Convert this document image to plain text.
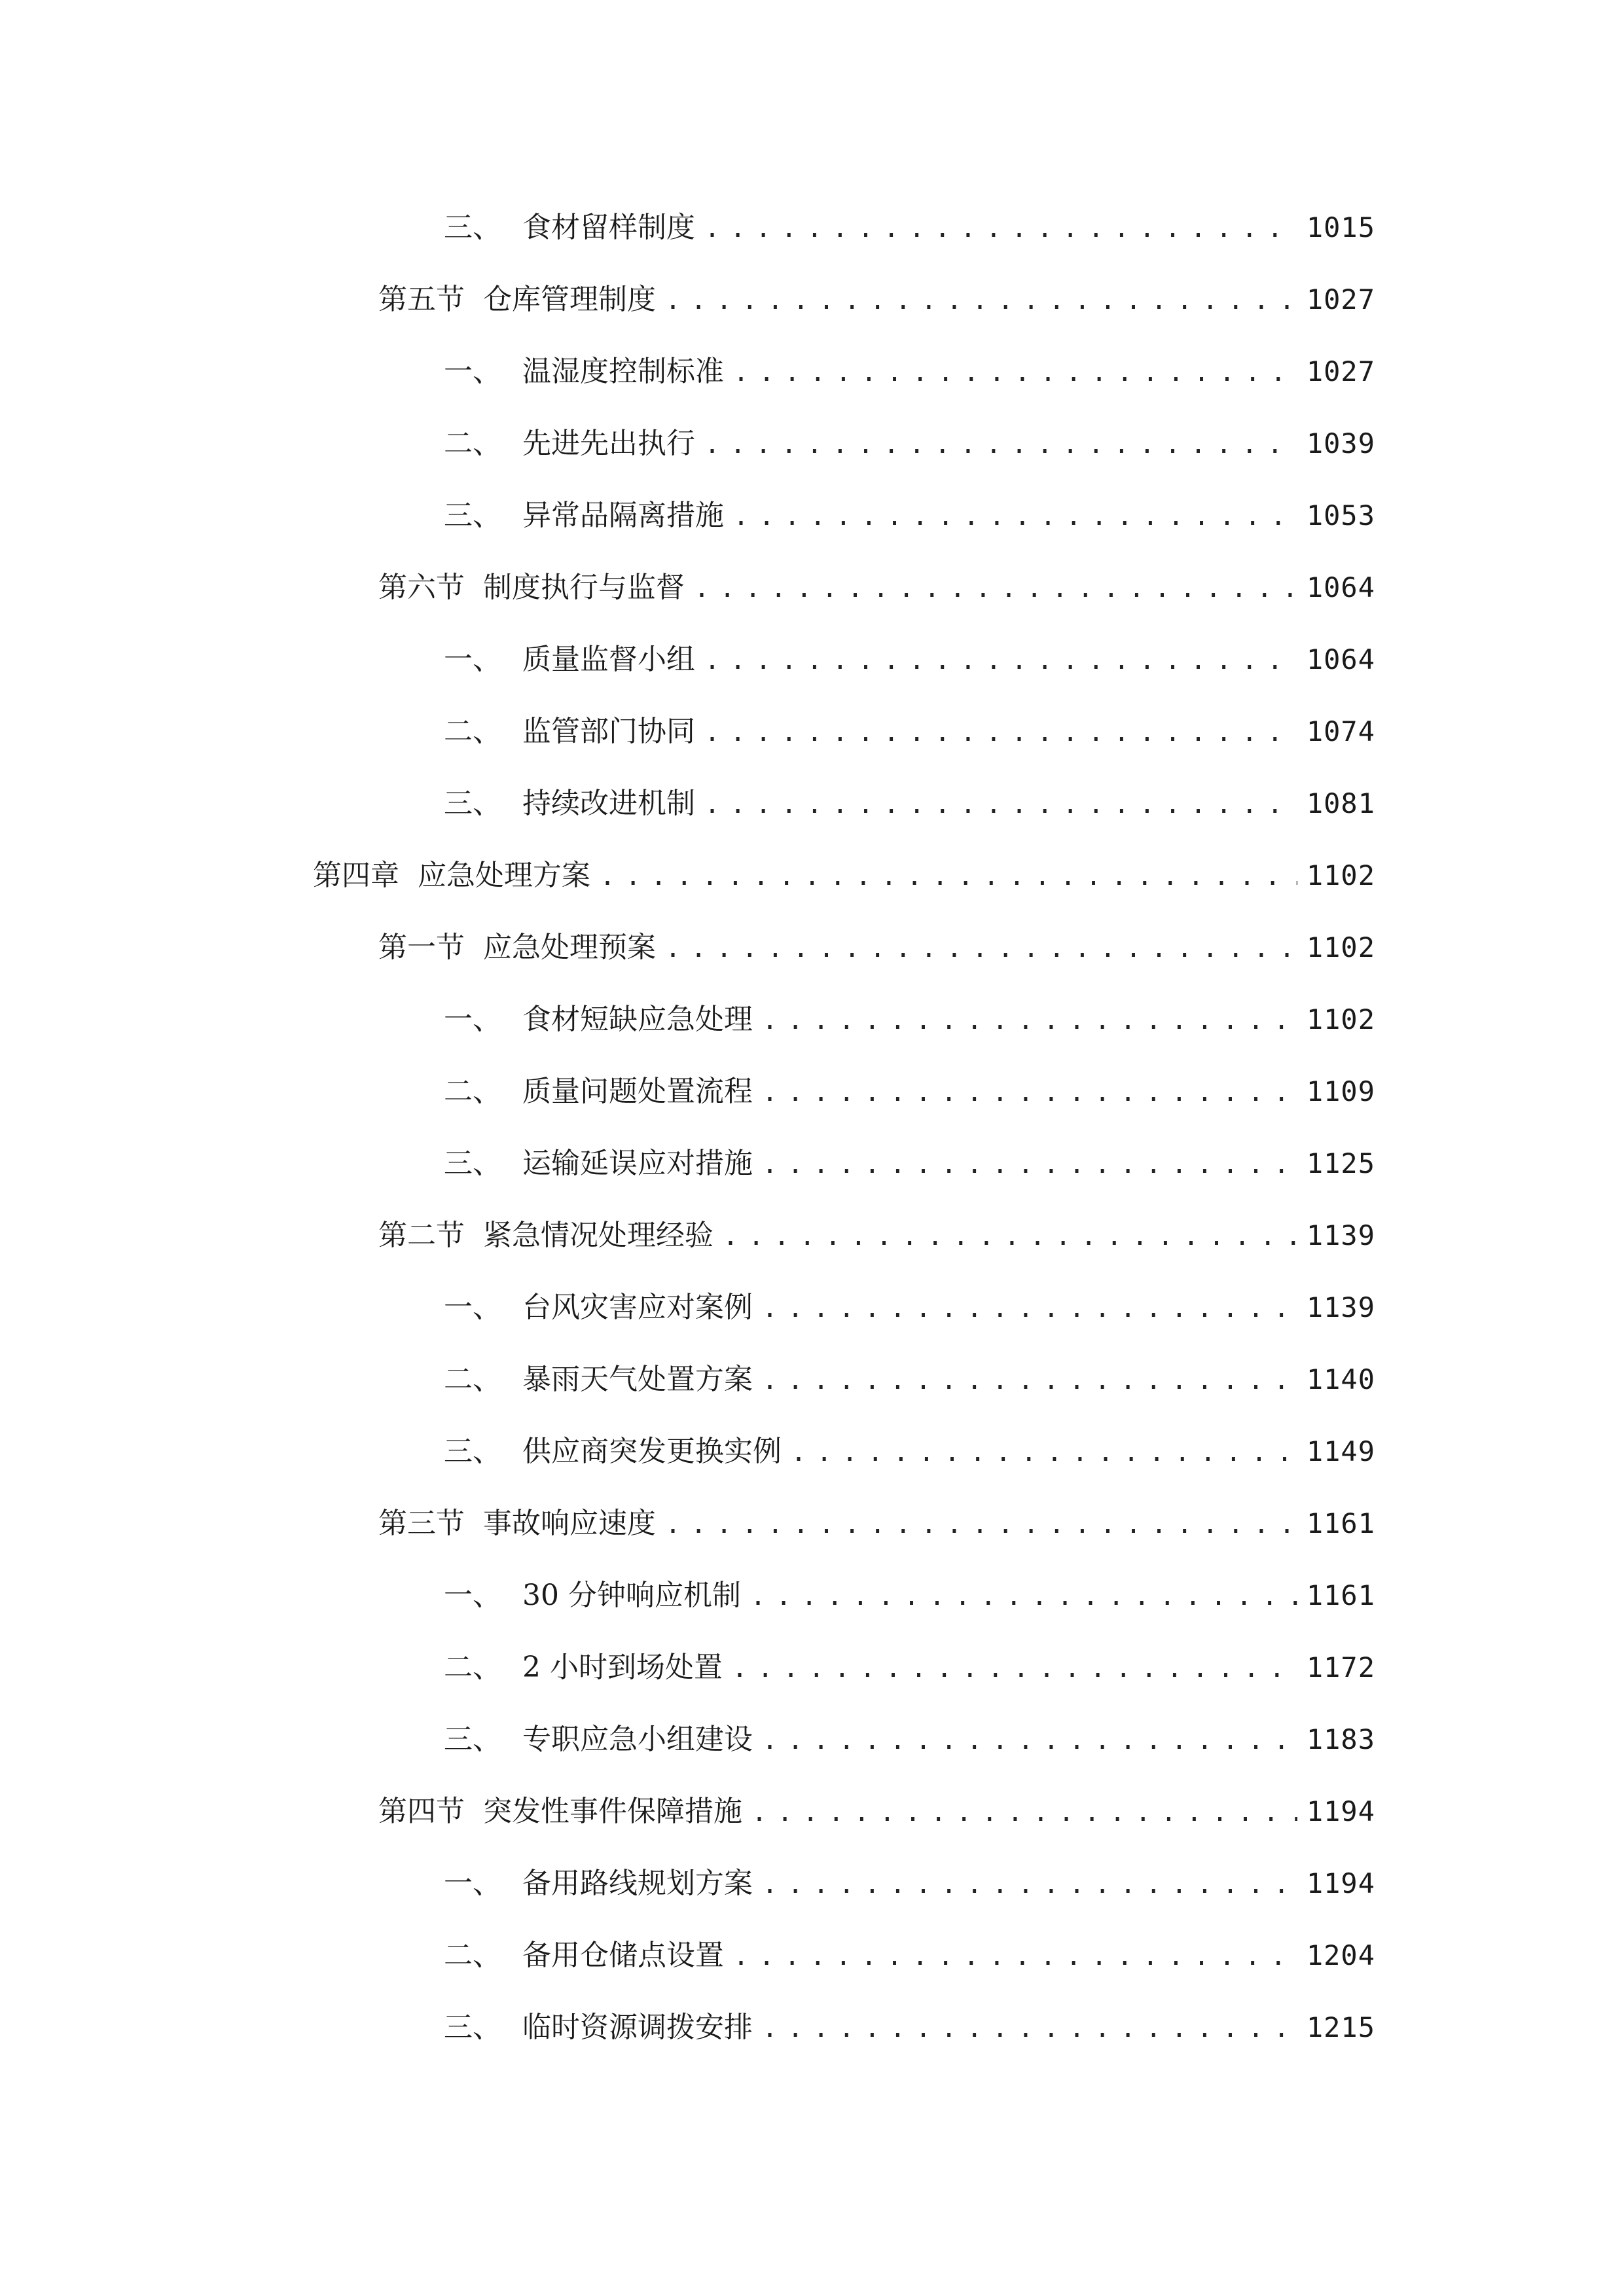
三、 食材留样制度 .....	1015
第五节 仓库管理制度 .....	1027
一、 温湿度控制标准 .....	1027
二、 先进先出执行 .....	1039
三、 异常品隔离措施 .....	1053
第六节 制度执行与监督 .....	1064
一、 质量监督小组 .....	1064
二、 监管部门协同 .....	1074
三、 持续改进机制 .....	1081
第四章 应急处理方案 .....	1102
第一节 应急处理预案 .....	1102
一、 食材短缺应急处理 .....	1102
二、 质量问题处置流程 .....	1109
三、 运输延误应对措施 .....	1125
第二节 紧急情况处理经验 .....	1139
一、 台风灾害应对案例 .....	1139
二、 暴雨天气处置方案 .....	1140
三、 供应商突发更换实例 .....	1149
第三节 事故响应速度 .....	1161
一、 30 分钟响应机制 .....	1161
二、 2 小时到场处置 .....	1172
三、 专职应急小组建设 .....	1183
第四节 突发性事件保障措施 .....	1194
一、 备用路线规划方案 .....	1194
二、 备用仓储点设置 .....	1204
三、 临时资源调拨安排 .....	1215
